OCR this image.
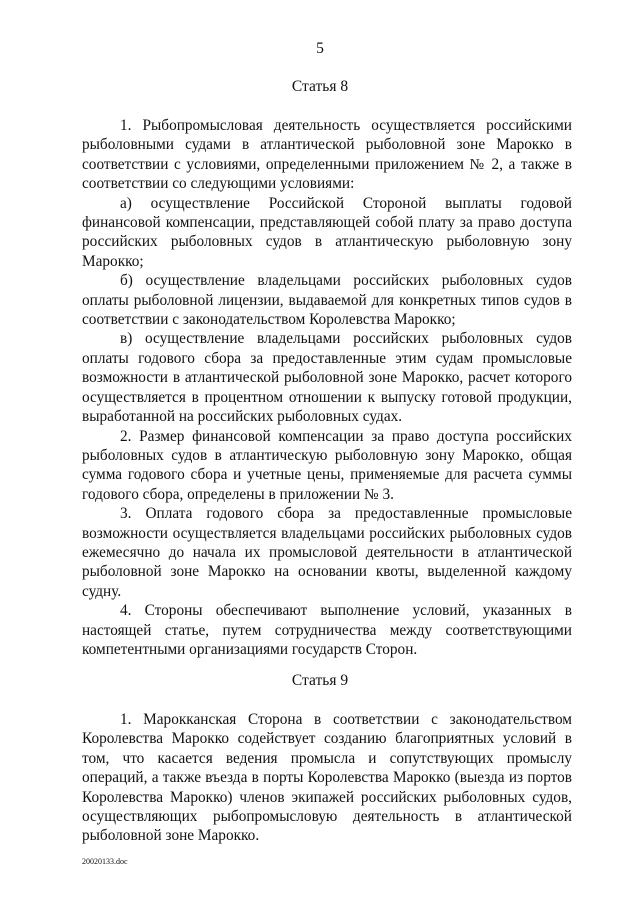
5
Статья 8

1. Рыбопромысловая деятельность осуществляется российскими рыболовными судами в атлантической рыболовной зоне Марокко в соответствии с условиями, определенными приложением № 2, а также в соответствии со следующими условиями:

а) осуществление Российской Стороной выплаты годовой финансовой компенсации, представляющей собой плату за право доступа российских рыболовных судов в атлантическую рыболовную зону Марокко;

б) осуществление владельцами российских рыболовных судов оплаты рыболовной лицензии, выдаваемой для конкретных типов судов в соответствии с законодательством Королевства Марокко;

в) осуществление владельцами российских рыболовных судов оплаты годового сбора за предоставленные этим судам промысловые возможности в атлантической рыболовной зоне Марокко, расчет которого осуществляется в процентном отношении к выпуску готовой продукции, выработанной на российских рыболовных судах.

2. Размер финансовой компенсации за право доступа российских рыболовных судов в атлантическую рыболовную зону Марокко, общая сумма годового сбора и учетные цены, применяемые для расчета суммы годового сбора, определены в приложении № 3.

3. Оплата годового сбора за предоставленные промысловые возможности осуществляется владельцами российских рыболовных судов ежемесячно до начала их промысловой деятельности в атлантической рыболовной зоне Марокко на основании квоты, выделенной каждому судну.

4. Стороны обеспечивают выполнение условий, указанных в настоящей статье, путем сотрудничества между соответствующими компетентными организациями государств Сторон.

Статья 9

1. Марокканская Сторона в соответствии с законодательством Королевства Марокко содействует созданию благоприятных условий в том, что касается ведения промысла и сопутствующих промыслу операций, а также въезда в порты Королевства Марокко (выезда из портов Королевства Марокко) членов экипажей российских рыболовных судов, осуществляющих рыбопромысловую деятельность в атлантической рыболовной зоне Марокко.

20020133.doc
